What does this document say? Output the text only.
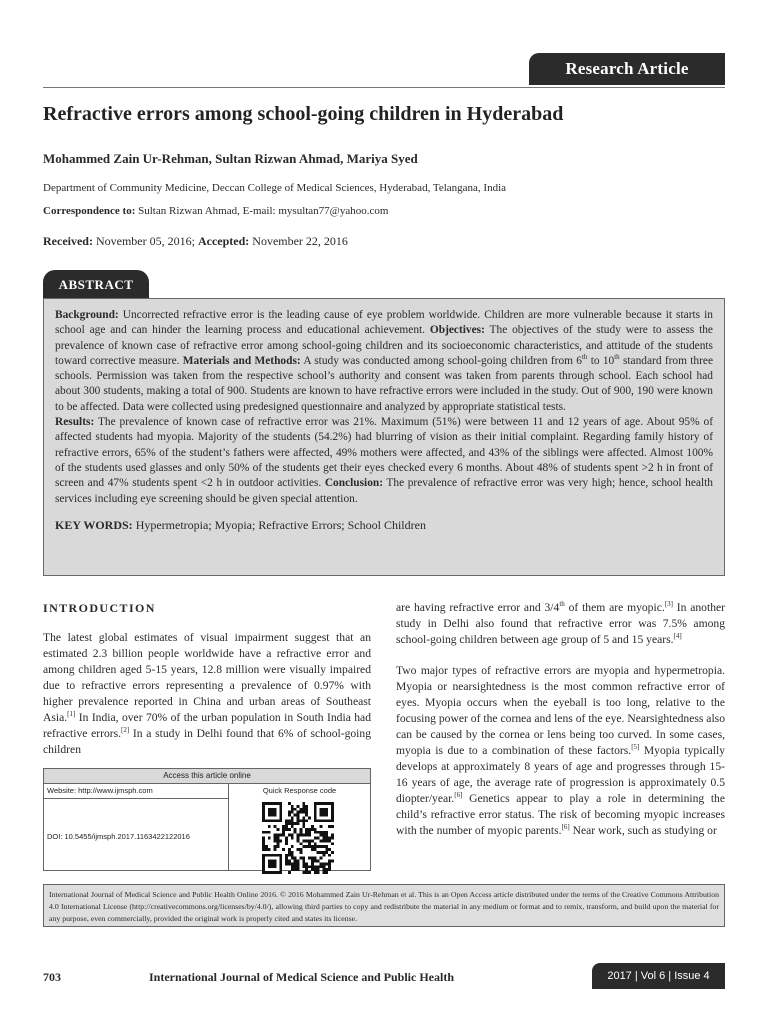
Research Article
Refractive errors among school-going children in Hyderabad
Mohammed Zain Ur-Rehman, Sultan Rizwan Ahmad, Mariya Syed
Department of Community Medicine, Deccan College of Medical Sciences, Hyderabad, Telangana, India
Correspondence to: Sultan Rizwan Ahmad, E-mail: mysultan77@yahoo.com
Received: November 05, 2016; Accepted: November 22, 2016
ABSTRACT
Background: Uncorrected refractive error is the leading cause of eye problem worldwide. Children are more vulnerable because it starts in school age and can hinder the learning process and educational achievement. Objectives: The objectives of the study were to assess the prevalence of known case of refractive error among school-going children and its socioeconomic characteristics, and attitude of the students toward corrective measure. Materials and Methods: A study was conducted among school-going children from 6th to 10th standard from three schools. Permission was taken from the respective school’s authority and consent was taken from parents through school. Each school had about 300 students, making a total of 900. Students are known to have refractive errors were included in the study. Out of 900, 190 were known to be affected. Data were collected using predesigned questionnaire and analyzed by appropriate statistical tests.
Results: The prevalence of known case of refractive error was 21%. Maximum (51%) were between 11 and 12 years of age. About 95% of affected students had myopia. Majority of the students (54.2%) had blurring of vision as their initial complaint. Regarding family history of refractive errors, 65% of the student’s fathers were affected, 49% mothers were affected, and 43% of the siblings were affected. Almost 100% of the students used glasses and only 50% of the students get their eyes checked every 6 months. About 48% of students spent >2 h in front of screen and 47% students spent <2 h in outdoor activities. Conclusion: The prevalence of refractive error was very high; hence, school health services including eye screening should be given special attention.
KEY WORDS: Hypermetropia; Myopia; Refractive Errors; School Children
INTRODUCTION

The latest global estimates of visual impairment suggest that an estimated 2.3 billion people worldwide have a refractive error and among children aged 5-15 years, 12.8 million were visually impaired due to refractive errors representing a prevalence of 0.97% with higher prevalence reported in China and urban areas of Southeast Asia.[1] In India, over 70% of the urban population in South India had refractive errors.[2] In a study in Delhi found that 6% of school-going children

Access this article online
Website: http://www.ijmsph.com
DOI: 10.5455/ijmsph.2017.1163422122016
Quick Response code

are having refractive error and 3/4th of them are myopic.[3] In another study in Delhi also found that refractive error was 7.5% among school-going children between age group of 5 and 15 years.[4]

Two major types of refractive errors are myopia and hypermetropia. Myopia or nearsightedness is the most common refractive error of eyes. Myopia occurs when the eyeball is too long, relative to the focusing power of the cornea and lens of the eye. Nearsightedness also can be caused by the cornea or lens being too curved. In some cases, myopia is due to a combination of these factors.[5] Myopia typically develops at approximately 8 years of age and progresses through 15-16 years of age, the average rate of progression is approximately 0.5 diopter/year.[6] Genetics appear to play a role in determining the child’s refractive error status. The risk of becoming myopic increases with the number of myopic parents.[6] Near work, such as studying or

International Journal of Medical Science and Public Health Online 2016. © 2016 Mohammed Zain Ur-Rehman et al. This is an Open Access article distributed under the terms of the Creative Commons Attribution 4.0 International License (http://creativecommons.org/licenses/by/4.0/), allowing third parties to copy and redistribute the material in any medium or format and to remix, transform, and build upon the material for any purpose, even commercially, provided the original work is properly cited and states its license.
703	International Journal of Medical Science and Public Health	2017 | Vol 6 | Issue 4
